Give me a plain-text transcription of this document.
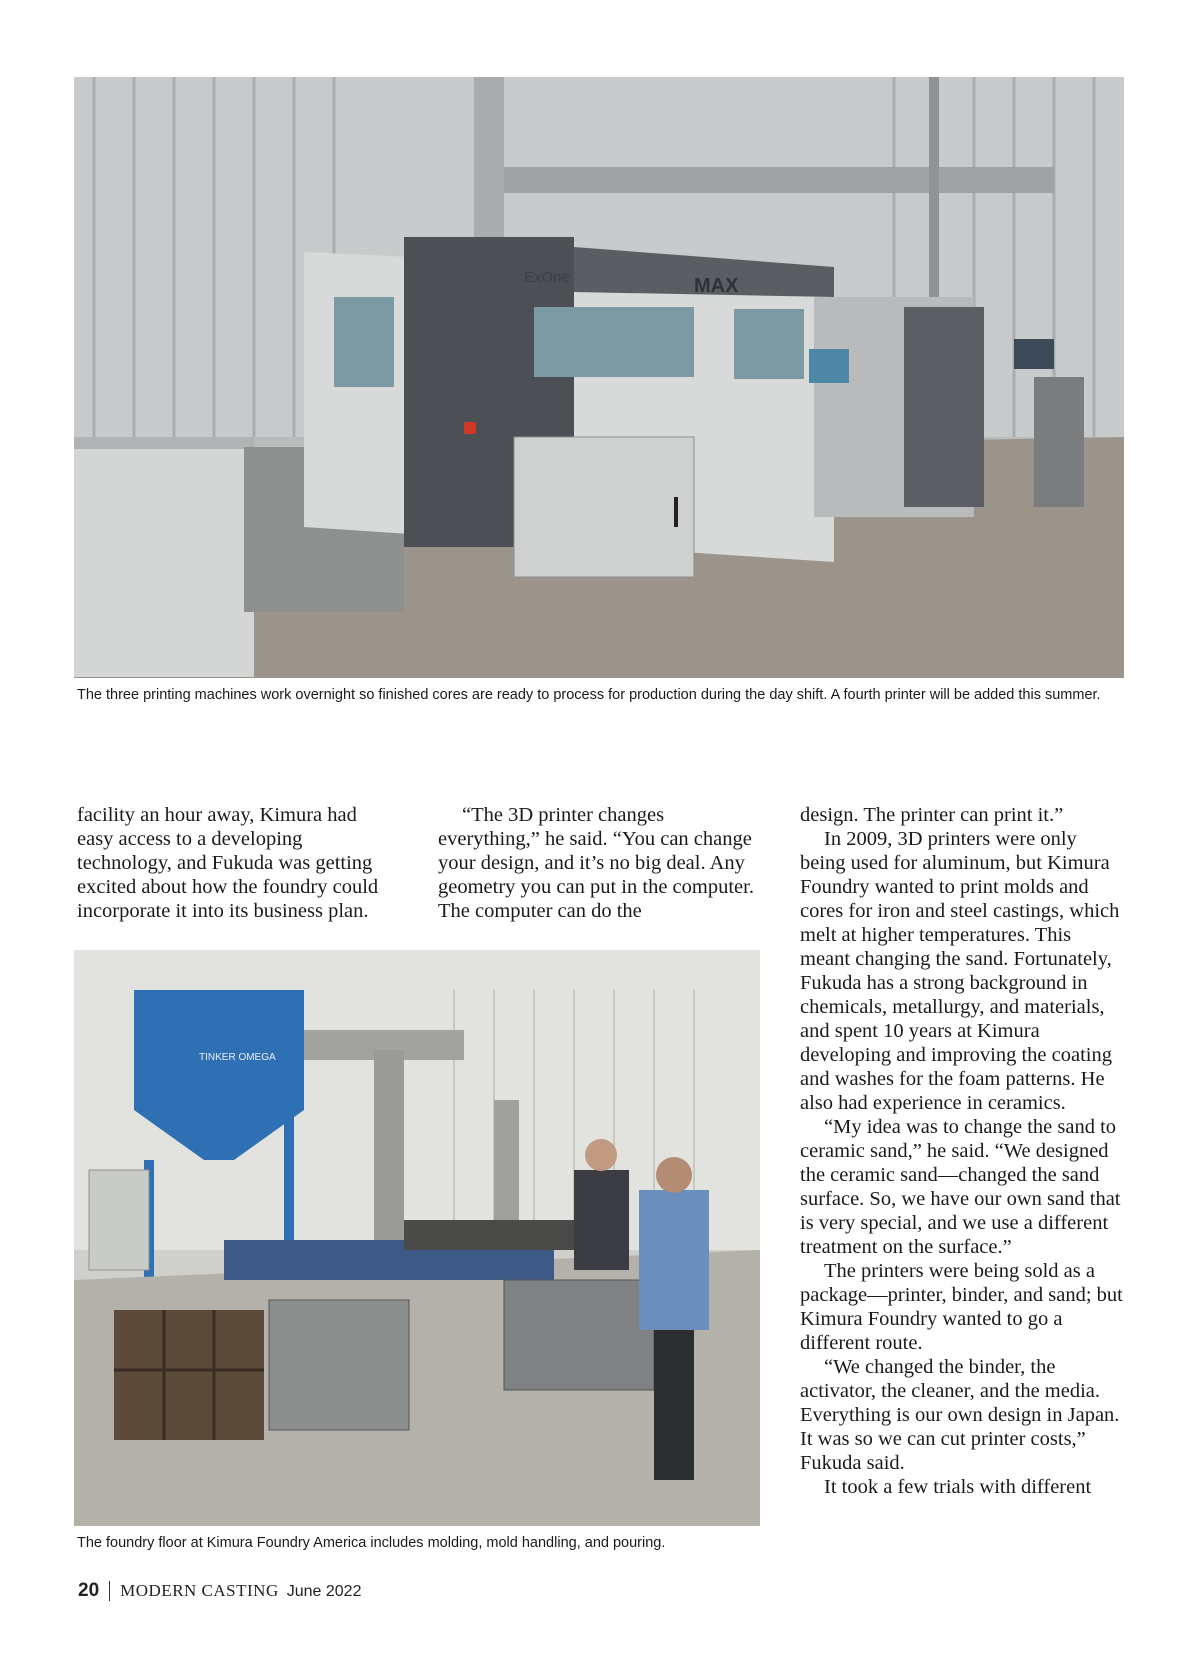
ExOne	MAX
The three printing machines work overnight so finished cores are ready to process for production during the day shift. A fourth printer will be added this summer.

facility an hour away, Kimura had easy access to a developing technology, and Fukuda was getting excited about how the foundry could incorporate it into its business plan.

“The 3D printer changes everything,” he said. “You can change your design, and it’s no big deal. Any geometry you can put in the computer. The computer can do the

TINKER OMEGA
The foundry floor at Kimura Foundry America includes molding, mold handling, and pouring.

design. The printer can print it.”

In 2009, 3D printers were only being used for aluminum, but Kimura Foundry wanted to print molds and cores for iron and steel castings, which melt at higher temperatures. This meant changing the sand. Fortunately, Fukuda has a strong background in chemicals, metallurgy, and materials, and spent 10 years at Kimura developing and improving the coating and washes for the foam patterns. He also had experience in ceramics.

“My idea was to change the sand to ceramic sand,” he said. “We designed the ceramic sand—changed the sand surface. So, we have our own sand that is very special, and we use a different treatment on the surface.”

The printers were being sold as a package—printer, binder, and sand; but Kimura Foundry wanted to go a different route.

“We changed the binder, the activator, the cleaner, and the media. Everything is our own design in Japan. It was so we can cut printer costs,” Fukuda said.

It took a few trials with different

20 MODERN CASTING June 2022
